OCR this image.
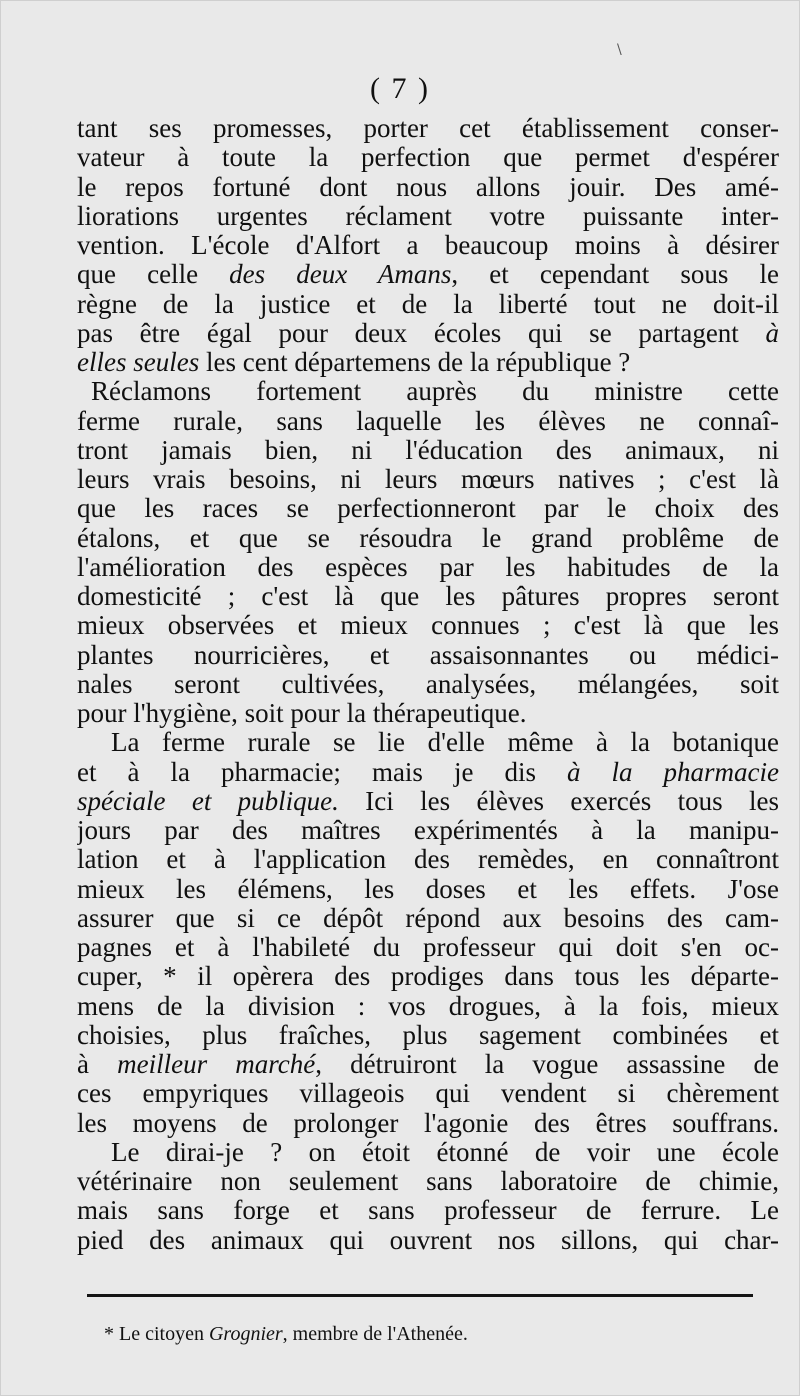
\
( 7 )
tant ses promesses, porter cet établissement conser-
vateur à toute la perfection que permet d'espérer
le repos fortuné dont nous allons jouir. Des amé-
liorations urgentes réclament votre puissante inter-
vention. L'école d'Alfort a beaucoup moins à désirer
que celle des deux Amans, et cependant sous le
règne de la justice et de la liberté tout ne doit-il
pas être égal pour deux écoles qui se partagent à
elles seules les cent départemens de la république ?
Réclamons fortement auprès du ministre cette
ferme rurale, sans laquelle les élèves ne connaî-
tront jamais bien, ni l'éducation des animaux, ni
leurs vrais besoins, ni leurs mœurs natives ; c'est là
que les races se perfectionneront par le choix des
étalons, et que se résoudra le grand problême de
l'amélioration des espèces par les habitudes de la
domesticité ; c'est là que les pâtures propres seront
mieux observées et mieux connues ; c'est là que les
plantes nourricières, et assaisonnantes ou médici-
nales seront cultivées, analysées, mélangées, soit
pour l'hygiène, soit pour la thérapeutique.
La ferme rurale se lie d'elle même à la botanique
et à la pharmacie; mais je dis à la pharmacie
spéciale et publique. Ici les élèves exercés tous les
jours par des maîtres expérimentés à la manipu-
lation et à l'application des remèdes, en connaîtront
mieux les élémens, les doses et les effets. J'ose
assurer que si ce dépôt répond aux besoins des cam-
pagnes et à l'habileté du professeur qui doit s'en oc-
cuper, * il opèrera des prodiges dans tous les départe-
mens de la division : vos drogues, à la fois, mieux
choisies, plus fraîches, plus sagement combinées et
à meilleur marché, détruiront la vogue assassine de
ces empyriques villageois qui vendent si chèrement
les moyens de prolonger l'agonie des êtres souffrans.
Le dirai-je ? on étoit étonné de voir une école
vétérinaire non seulement sans laboratoire de chimie,
mais sans forge et sans professeur de ferrure. Le
pied des animaux qui ouvrent nos sillons, qui char-
* Le citoyen Grognier, membre de l'Athenée.
